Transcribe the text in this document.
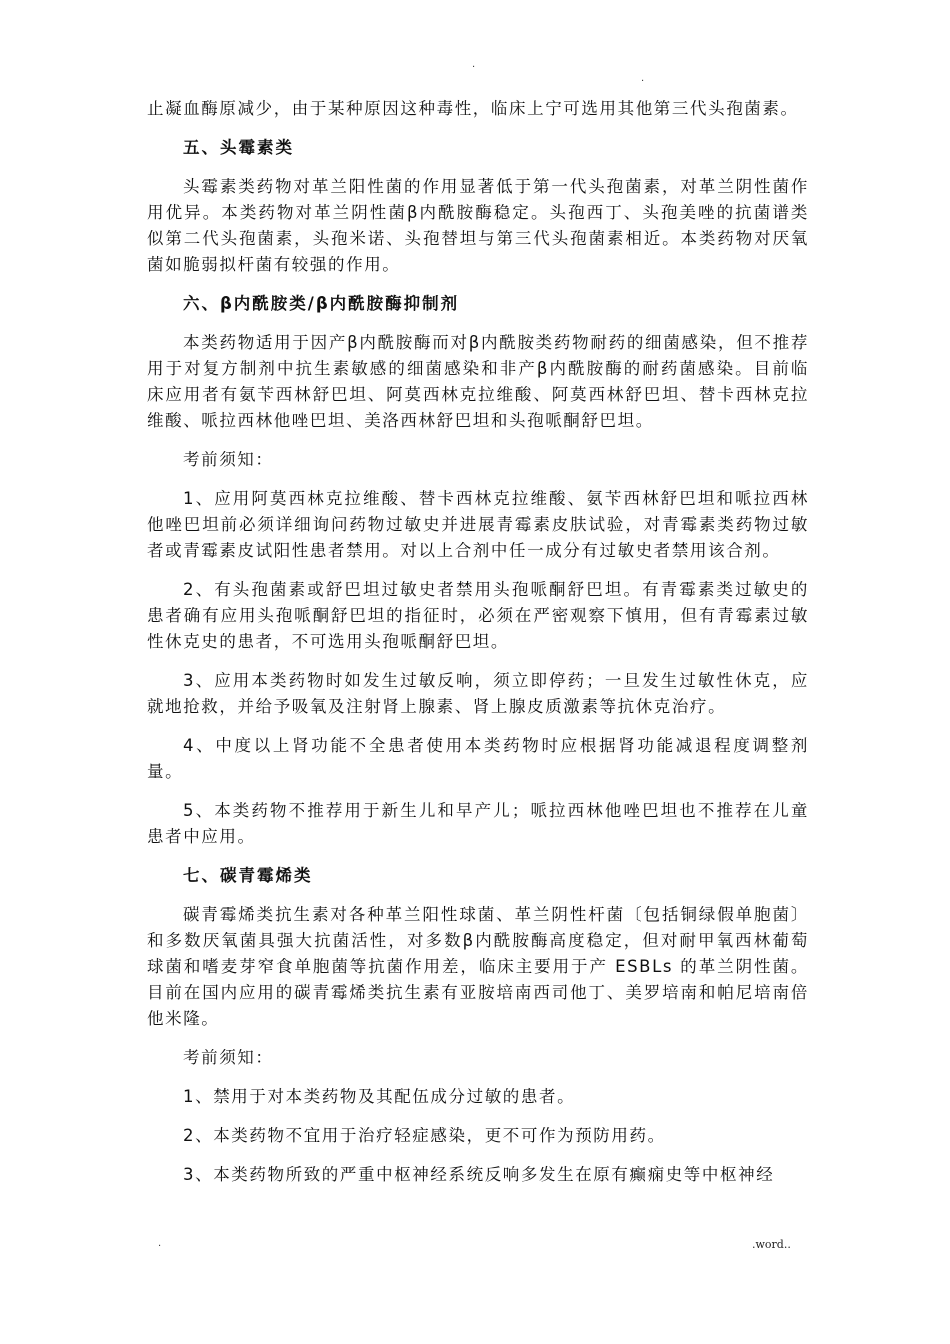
.
.

止凝血酶原减少，由于某种原因这种毒性，临床上宁可选用其他第三代头孢菌素。

五、头霉素类

头霉素类药物对革兰阳性菌的作用显著低于第一代头孢菌素，对革兰阴性菌作用优异。本类药物对革兰阴性菌β内酰胺酶稳定。头孢西丁、头孢美唑的抗菌谱类似第二代头孢菌素，头孢米诺、头孢替坦与第三代头孢菌素相近。本类药物对厌氧菌如脆弱拟杆菌有较强的作用。

六、β内酰胺类/β内酰胺酶抑制剂

本类药物适用于因产β内酰胺酶而对β内酰胺类药物耐药的细菌感染，但不推荐用于对复方制剂中抗生素敏感的细菌感染和非产β内酰胺酶的耐药菌感染。目前临床应用者有氨苄西林舒巴坦、阿莫西林克拉维酸、阿莫西林舒巴坦、替卡西林克拉维酸、哌拉西林他唑巴坦、美洛西林舒巴坦和头孢哌酮舒巴坦。

考前须知：

1、应用阿莫西林克拉维酸、替卡西林克拉维酸、氨苄西林舒巴坦和哌拉西林他唑巴坦前必须详细询问药物过敏史并进展青霉素皮肤试验，对青霉素类药物过敏者或青霉素皮试阳性患者禁用。对以上合剂中任一成分有过敏史者禁用该合剂。

2、有头孢菌素或舒巴坦过敏史者禁用头孢哌酮舒巴坦。有青霉素类过敏史的患者确有应用头孢哌酮舒巴坦的指征时，必须在严密观察下慎用，但有青霉素过敏性休克史的患者，不可选用头孢哌酮舒巴坦。

3、应用本类药物时如发生过敏反响，须立即停药；一旦发生过敏性休克，应就地抢救，并给予吸氧及注射肾上腺素、肾上腺皮质激素等抗休克治疗。

4、中度以上肾功能不全患者使用本类药物时应根据肾功能减退程度调整剂量。

5、本类药物不推荐用于新生儿和早产儿；哌拉西林他唑巴坦也不推荐在儿童患者中应用。

七、碳青霉烯类

碳青霉烯类抗生素对各种革兰阳性球菌、革兰阴性杆菌〔包括铜绿假单胞菌〕和多数厌氧菌具强大抗菌活性，对多数β内酰胺酶高度稳定，但对耐甲氧西林葡萄球菌和嗜麦芽窄食单胞菌等抗菌作用差，临床主要用于产 ESBLs 的革兰阴性菌。目前在国内应用的碳青霉烯类抗生素有亚胺培南西司他丁、美罗培南和帕尼培南倍他米隆。

考前须知：

1、禁用于对本类药物及其配伍成分过敏的患者。

2、本类药物不宜用于治疗轻症感染，更不可作为预防用药。

3、本类药物所致的严重中枢神经系统反响多发生在原有癫痫史等中枢神经

.	.word..
